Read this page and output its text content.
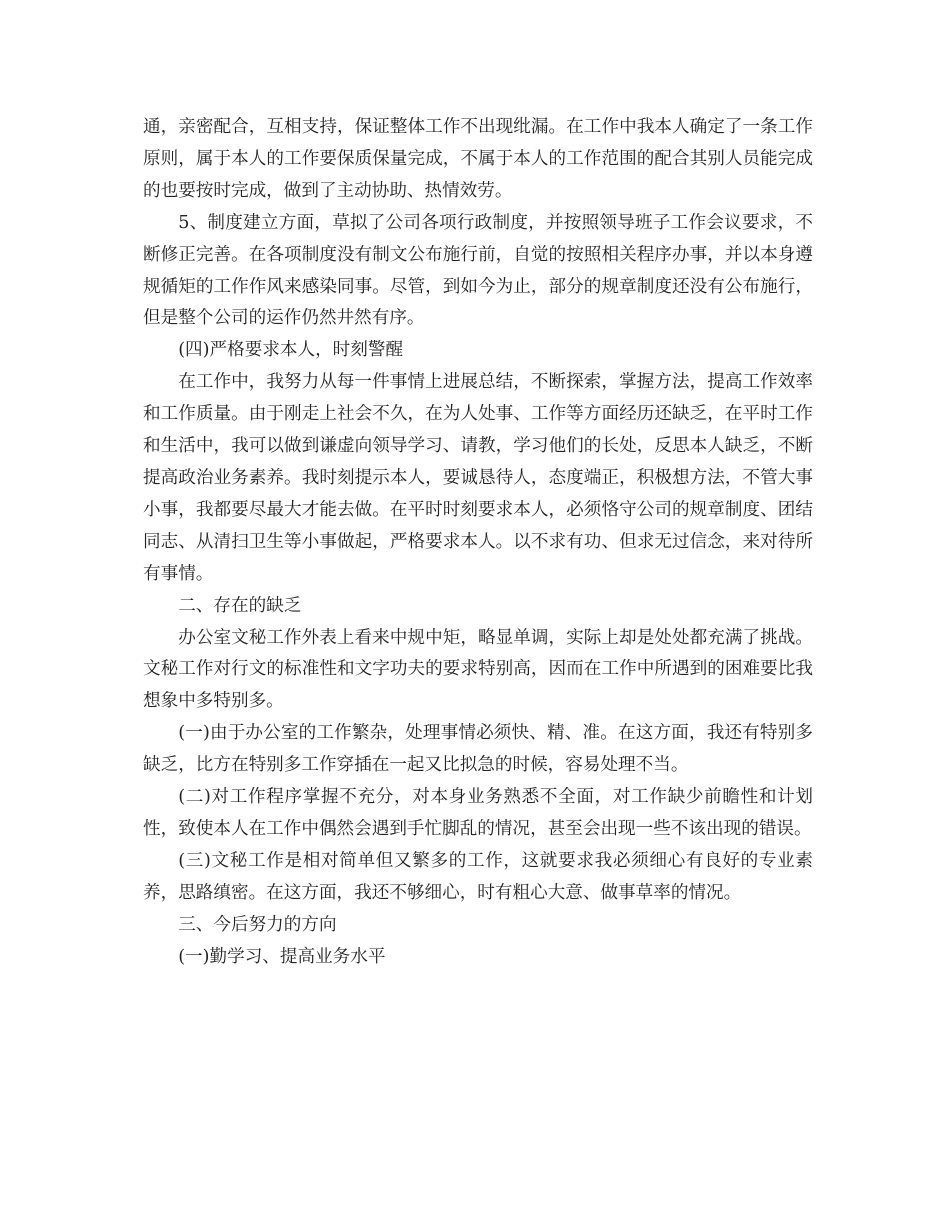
通，亲密配合，互相支持，保证整体工作不出现纰漏。在工作中我本人确定了一条工作原则，属于本人的工作要保质保量完成，不属于本人的工作范围的配合其别人员能完成的也要按时完成，做到了主动协助、热情效劳。

5、制度建立方面，草拟了公司各项行政制度，并按照领导班子工作会议要求，不断修正完善。在各项制度没有制文公布施行前，自觉的按照相关程序办事，并以本身遵规循矩的工作作风来感染同事。尽管，到如今为止，部分的规章制度还没有公布施行，但是整个公司的运作仍然井然有序。

(四)严格要求本人，时刻警醒

在工作中，我努力从每一件事情上进展总结，不断探索，掌握方法，提高工作效率和工作质量。由于刚走上社会不久，在为人处事、工作等方面经历还缺乏，在平时工作和生活中，我可以做到谦虚向领导学习、请教，学习他们的长处，反思本人缺乏，不断提高政治业务素养。我时刻提示本人，要诚恳待人，态度端正，积极想方法，不管大事小事，我都要尽最大才能去做。在平时时刻要求本人，必须恪守公司的规章制度、团结同志、从清扫卫生等小事做起，严格要求本人。以不求有功、但求无过信念，来对待所有事情。

二、存在的缺乏

办公室文秘工作外表上看来中规中矩，略显单调，实际上却是处处都充满了挑战。文秘工作对行文的标准性和文字功夫的要求特别高，因而在工作中所遇到的困难要比我想象中多特别多。

(一)由于办公室的工作繁杂，处理事情必须快、精、准。在这方面，我还有特别多缺乏，比方在特别多工作穿插在一起又比拟急的时候，容易处理不当。

(二)对工作程序掌握不充分，对本身业务熟悉不全面，对工作缺少前瞻性和计划性，致使本人在工作中偶然会遇到手忙脚乱的情况，甚至会出现一些不该出现的错误。

(三)文秘工作是相对简单但又繁多的工作，这就要求我必须细心有良好的专业素养，思路缜密。在这方面，我还不够细心，时有粗心大意、做事草率的情况。

三、今后努力的方向

(一)勤学习、提高业务水平
